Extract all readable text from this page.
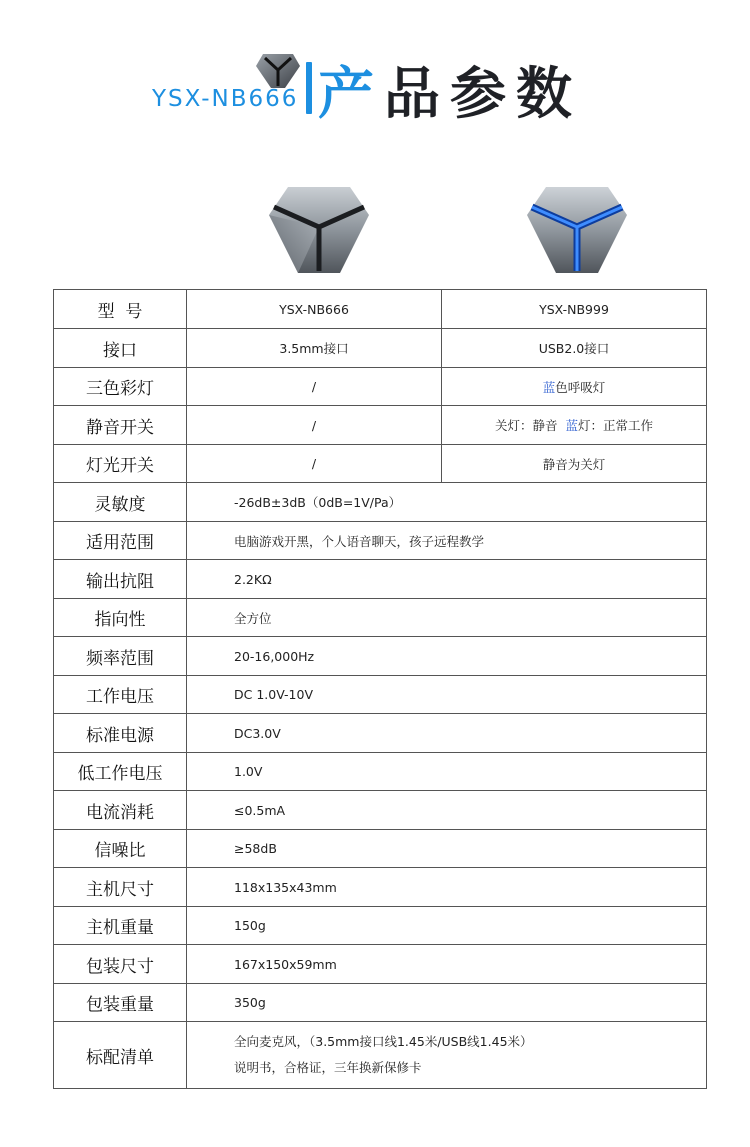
YSX-NB666 产品参数
型  号	YSX-NB666	YSX-NB999
接口	3.5mm接口	USB2.0接口
三色彩灯	/	蓝色呼吸灯
静音开关	/	关灯：静音  蓝灯：正常工作
灯光开关	/	静音为关灯
灵敏度	-26dB±3dB（0dB=1V/Pa）	
适用范围	电脑游戏开黑，个人语音聊天，孩子远程教学	
输出抗阻	2.2KΩ	
指向性	全方位	
频率范围	20-16,000Hz	
工作电压	DC 1.0V-10V	
标准电源	DC3.0V	
低工作电压	1.0V	
电流消耗	≤0.5mA	
信噪比	≥58dB	
主机尺寸	118x135x43mm	
主机重量	150g	
包装尺寸	167x150x59mm	
包装重量	350g	
标配清单	全向麦克风，（3.5mm接口线1.45米/USB线1.45米）
说明书，合格证，三年换新保修卡	
